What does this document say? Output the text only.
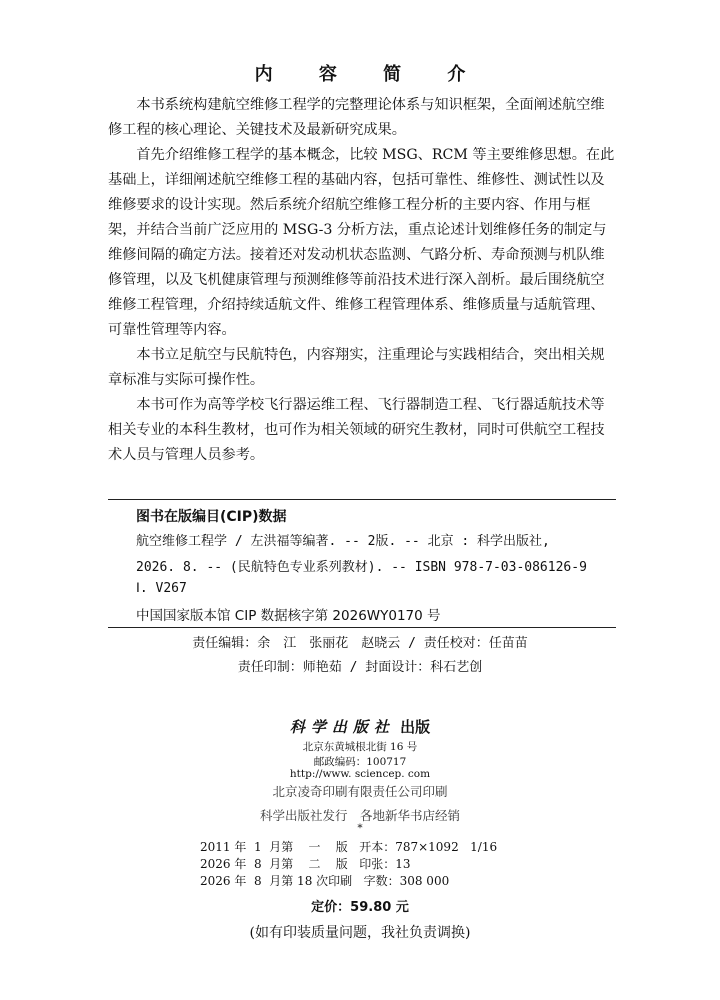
内 容 简 介

本书系统构建航空维修工程学的完整理论体系与知识框架，全面阐述航空维修工程的核心理论、关键技术及最新研究成果。

首先介绍维修工程学的基本概念，比较 MSG、RCM 等主要维修思想。在此基础上，详细阐述航空维修工程的基础内容，包括可靠性、维修性、测试性以及维修要求的设计实现。然后系统介绍航空维修工程分析的主要内容、作用与框架，并结合当前广泛应用的 MSG-3 分析方法，重点论述计划维修任务的制定与维修间隔的确定方法。接着还对发动机状态监测、气路分析、寿命预测与机队维修管理，以及飞机健康管理与预测维修等前沿技术进行深入剖析。最后围绕航空维修工程管理，介绍持续适航文件、维修工程管理体系、维修质量与适航管理、可靠性管理等内容。

本书立足航空与民航特色，内容翔实，注重理论与实践相结合，突出相关规章标准与实际可操作性。

本书可作为高等学校飞行器运维工程、飞行器制造工程、飞行器适航技术等相关专业的本科生教材，也可作为相关领域的研究生教材，同时可供航空工程技术人员与管理人员参考。

图书在版编目(CIP)数据
航空维修工程学 / 左洪福等编著. -- 2版. -- 北京 : 科学出版社,
2026. 8. -- (民航特色专业系列教材). -- ISBN 978-7-03-086126-9
Ⅰ. V267
中国国家版本馆 CIP 数据核字第 2026WY0170 号
责任编辑：余　江　张丽花　赵晓云 / 责任校对：任苗苗
责任印制：师艳茹 / 封面设计：科石艺创
科学出版社 出版
北京东黄城根北街 16 号
邮政编码：100717
http://www. sciencep. com
北京凌奇印刷有限责任公司印刷
科学出版社发行　各地新华书店经销
*
2011 年  1  月第    一    版   开本：787×1092   1/16
2026 年  8  月第    二    版   印张：13
2026 年  8  月第 18 次印刷   字数：308 000
定价：59.80 元
(如有印装质量问题，我社负责调换)
